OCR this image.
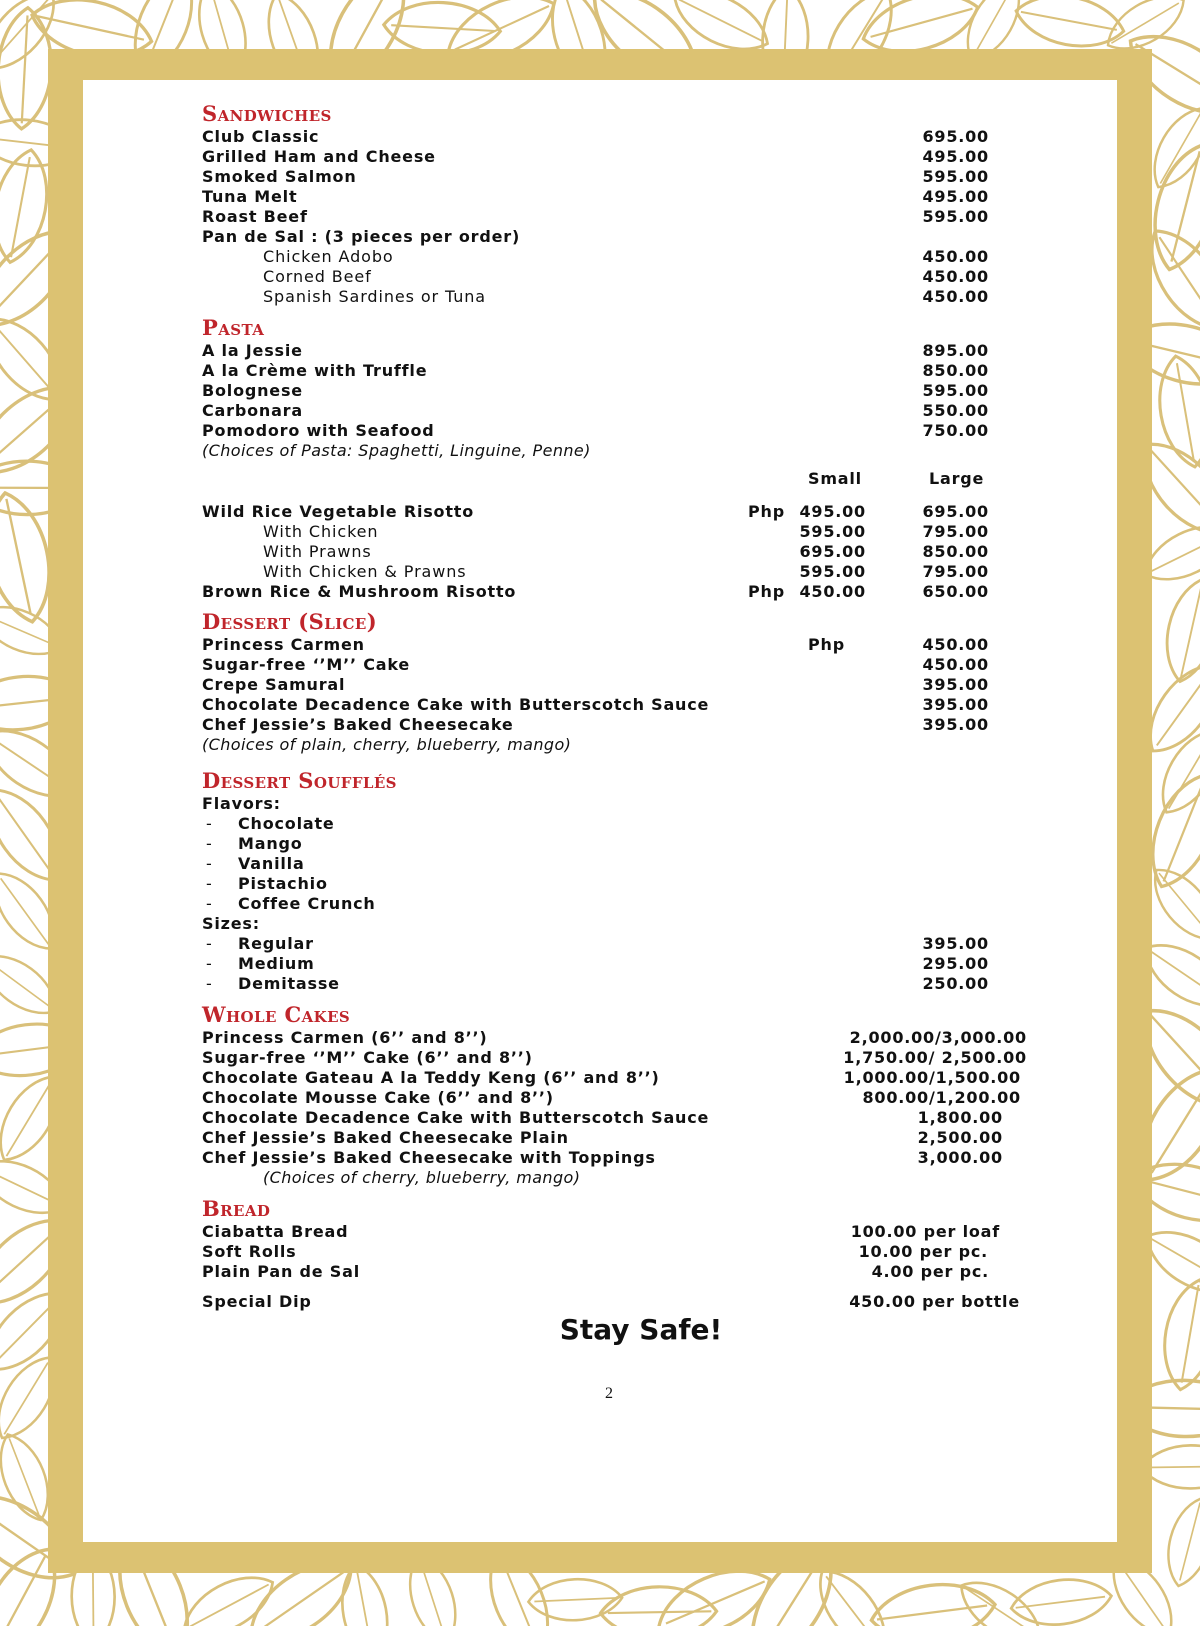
Sandwiches
Club Classic	695.00
Grilled Ham and Cheese	495.00
Smoked Salmon	595.00
Tuna Melt	495.00
Roast Beef	595.00
Pan de Sal : (3 pieces per order)
Chicken Adobo	450.00
Corned Beef	450.00
Spanish Sardines or Tuna	450.00
Pasta
A la Jessie	895.00
A la Crème with Truffle	850.00
Bolognese	595.00
Carbonara	550.00
Pomodoro with Seafood	750.00
(Choices of Pasta: Spaghetti, Linguine, Penne)
Small	Large
Wild Rice Vegetable Risotto	Php 495.00	695.00
With Chicken	595.00	795.00
With Prawns	695.00	850.00
With Chicken & Prawns	595.00	795.00
Brown Rice & Mushroom Risotto	Php 450.00	650.00
Dessert (Slice)
Princess Carmen	Php	450.00
Sugar-free ‘’M’’ Cake	450.00
Crepe Samural	395.00
Chocolate Decadence Cake with Butterscotch Sauce	395.00
Chef Jessie’s Baked Cheesecake	395.00
(Choices of plain, cherry, blueberry, mango)
Dessert Soufflés
Flavors:
- Chocolate
- Mango
- Vanilla
- Pistachio
- Coffee Crunch
Sizes:
- Regular	395.00
- Medium	295.00
- Demitasse	250.00
Whole Cakes
Princess Carmen (6’’ and 8’’)	2,000.00/3,000.00
Sugar-free ‘’M’’ Cake (6’’ and 8’’)	1,750.00/ 2,500.00
Chocolate Gateau A la Teddy Keng (6’’ and 8’’)	1,000.00/1,500.00
Chocolate Mousse Cake (6’’ and 8’’)	800.00/1,200.00
Chocolate Decadence Cake with Butterscotch Sauce	1,800.00
Chef Jessie’s Baked Cheesecake Plain	2,500.00
Chef Jessie’s Baked Cheesecake with Toppings	3,000.00
(Choices of cherry, blueberry, mango)
Bread
Ciabatta Bread	100.00 per loaf
Soft Rolls	10.00 per pc.
Plain Pan de Sal	4.00 per pc.
Special Dip	450.00 per bottle
Stay Safe!
2
